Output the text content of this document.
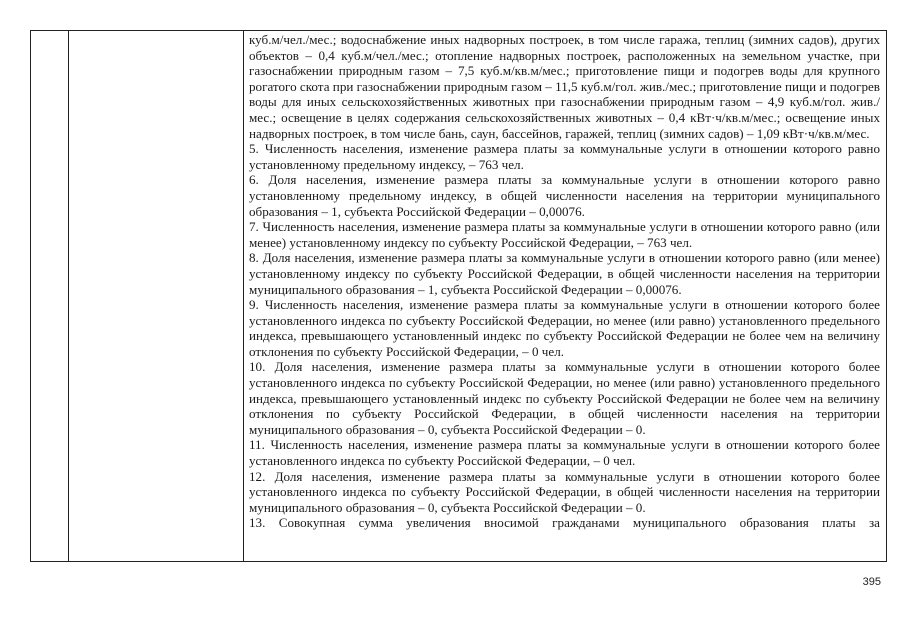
куб.м/чел./мес.; водоснабжение иных надворных построек, в том числе гаража, теплиц (зимних садов), других объектов – 0,4 куб.м/чел./мес.; отопление надворных построек, расположенных на земельном участке, при газоснабжении природным газом – 7,5 куб.м/кв.м/мес.; приготовление пищи и подогрев воды для крупного рогатого скота при газоснабжении природным газом – 11,5 куб.м/гол. жив./мес.; приготовление пищи и подогрев воды для иных сельскохозяйственных животных при газоснабжении природным газом – 4,9 куб.м/гол. жив./мес.; освещение в целях содержания сельскохозяйственных животных – 0,4 кВт·ч/кв.м/мес.; освещение иных надворных построек, в том числе бань, саун, бассейнов, гаражей, теплиц (зимних садов) – 1,09 кВт·ч/кв.м/мес.

5. Численность населения, изменение размера платы за коммунальные услуги в отношении которого равно установленному предельному индексу, – 763 чел.

6. Доля населения, изменение размера платы за коммунальные услуги в отношении которого равно установленному предельному индексу, в общей численности населения на территории муниципального образования – 1, субъекта Российской Федерации – 0,00076.

7. Численность населения, изменение размера платы за коммунальные услуги в отношении которого равно (или менее) установленному индексу по субъекту Российской Федерации, – 763 чел.

8. Доля населения, изменение размера платы за коммунальные услуги в отношении которого равно (или менее) установленному индексу по субъекту Российской Федерации, в общей численности населения на территории муниципального образования – 1, субъекта Российской Федерации – 0,00076.

9. Численность населения, изменение размера платы за коммунальные услуги в отношении которого более установленного индекса по субъекту Российской Федерации, но менее (или равно) установленного предельного индекса, превышающего установленный индекс по субъекту Российской Федерации не более чем на величину отклонения по субъекту Российской Федерации, – 0 чел.

10. Доля населения, изменение размера платы за коммунальные услуги в отношении которого более установленного индекса по субъекту Российской Федерации, но менее (или равно) установленного предельного индекса, превышающего установленный индекс по субъекту Российской Федерации не более чем на величину отклонения по субъекту Российской Федерации, в общей численности населения на территории муниципального образования – 0, субъекта Российской Федерации – 0.

11. Численность населения, изменение размера платы за коммунальные услуги в отношении которого более установленного индекса по субъекту Российской Федерации, – 0 чел.

12. Доля населения, изменение размера платы за коммунальные услуги в отношении которого более установленного индекса по субъекту Российской Федерации, в общей численности населения на территории муниципального образования – 0, субъекта Российской Федерации – 0.

13. Совокупная сумма увеличения вносимой гражданами муниципального образования платы за

395
